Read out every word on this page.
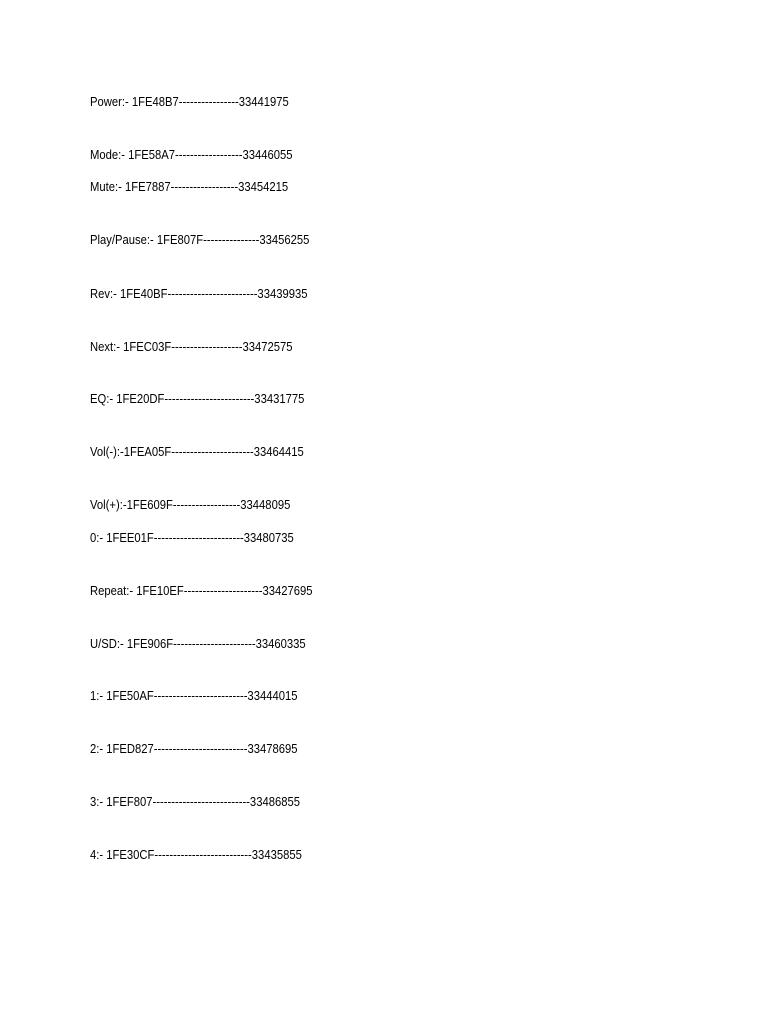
Power:- 1FE48B7----------------33441975
Mode:- 1FE58A7------------------33446055
Mute:- 1FE7887------------------33454215
Play/Pause:- 1FE807F---------------33456255
Rev:- 1FE40BF------------------------33439935
Next:- 1FEC03F-------------------33472575
EQ:- 1FE20DF------------------------33431775
Vol(-):-1FEA05F----------------------33464415
Vol(+):-1FE609F------------------33448095
0:- 1FEE01F------------------------33480735
Repeat:- 1FE10EF---------------------33427695
U/SD:- 1FE906F----------------------33460335
1:- 1FE50AF-------------------------33444015
2:- 1FED827-------------------------33478695
3:- 1FEF807--------------------------33486855
4:- 1FE30CF--------------------------33435855
